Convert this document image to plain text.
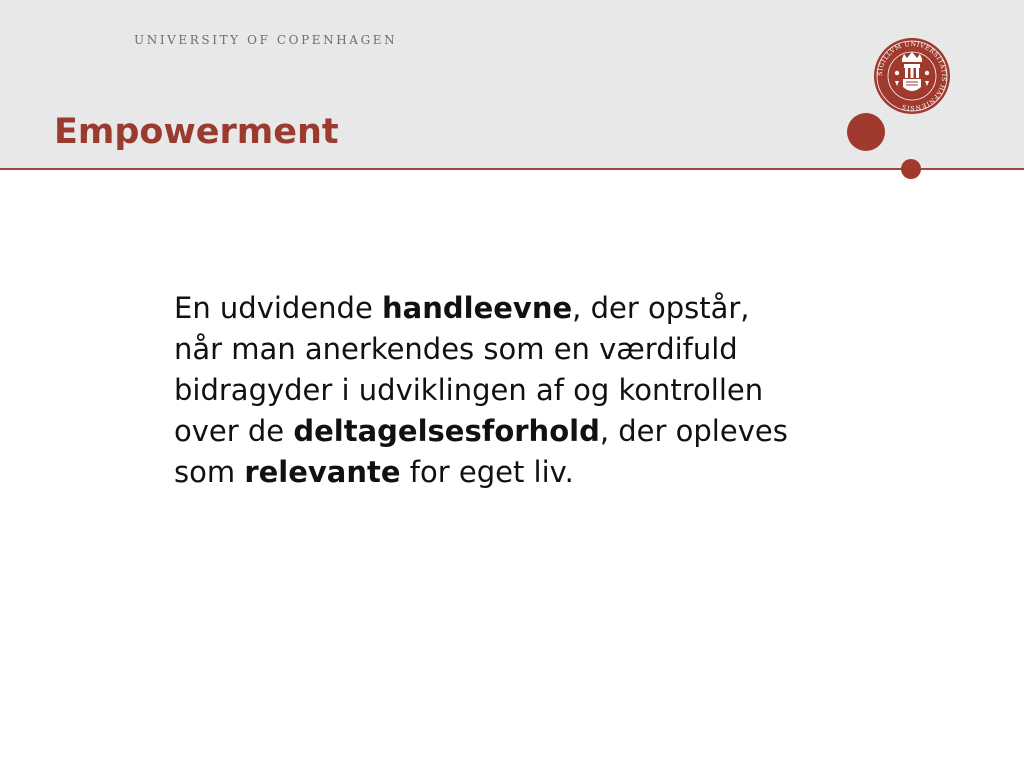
UNIVERSITY OF COPENHAGEN
Empowerment
SIGILLVM UNIVERSITATIS HAFNIENSIS
En udvidende handleevne, der opstår,
når man anerkendes som en værdifuld
bidragyder i udviklingen af og kontrollen
over de deltagelsesforhold, der opleves
som relevante for eget liv.
